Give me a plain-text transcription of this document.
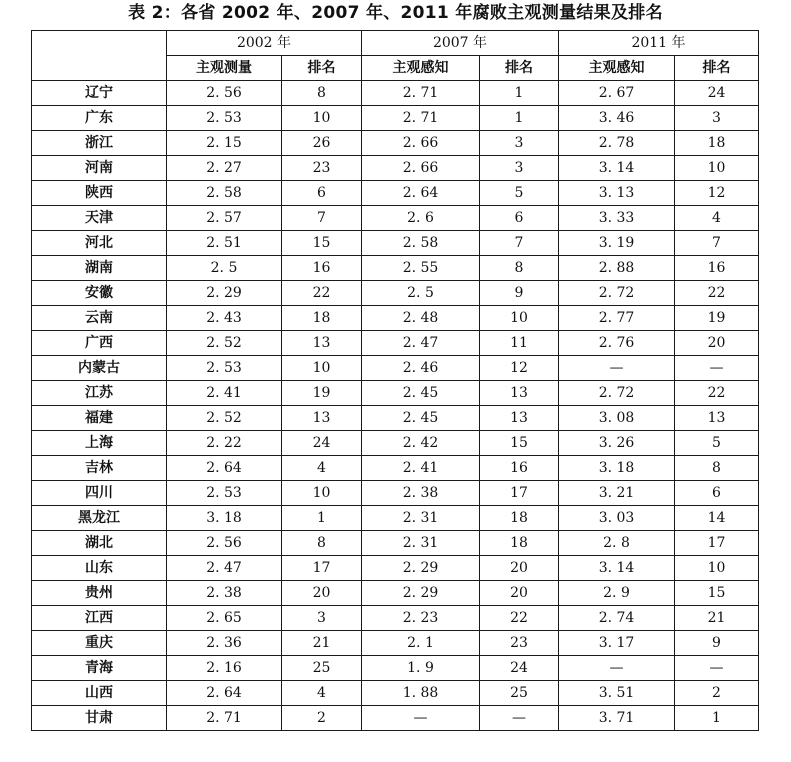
表 2：各省 2002 年、2007 年、2011 年腐败主观测量结果及排名
	2002 年		2007 年		2011 年	
	主观测量	排名	主观感知	排名	主观感知	排名
辽宁	2. 56	8	2. 71	1	2. 67	24
广东	2. 53	10	2. 71	1	3. 46	3
浙江	2. 15	26	2. 66	3	2. 78	18
河南	2. 27	23	2. 66	3	3. 14	10
陕西	2. 58	6	2. 64	5	3. 13	12
天津	2. 57	7	2. 6	6	3. 33	4
河北	2. 51	15	2. 58	7	3. 19	7
湖南	2. 5	16	2. 55	8	2. 88	16
安徽	2. 29	22	2. 5	9	2. 72	22
云南	2. 43	18	2. 48	10	2. 77	19
广西	2. 52	13	2. 47	11	2. 76	20
内蒙古	2. 53	10	2. 46	12	—	—
江苏	2. 41	19	2. 45	13	2. 72	22
福建	2. 52	13	2. 45	13	3. 08	13
上海	2. 22	24	2. 42	15	3. 26	5
吉林	2. 64	4	2. 41	16	3. 18	8
四川	2. 53	10	2. 38	17	3. 21	6
黑龙江	3. 18	1	2. 31	18	3. 03	14
湖北	2. 56	8	2. 31	18	2. 8	17
山东	2. 47	17	2. 29	20	3. 14	10
贵州	2. 38	20	2. 29	20	2. 9	15
江西	2. 65	3	2. 23	22	2. 74	21
重庆	2. 36	21	2. 1	23	3. 17	9
青海	2. 16	25	1. 9	24	—	—
山西	2. 64	4	1. 88	25	3. 51	2
甘肃	2. 71	2	—	—	3. 71	1
